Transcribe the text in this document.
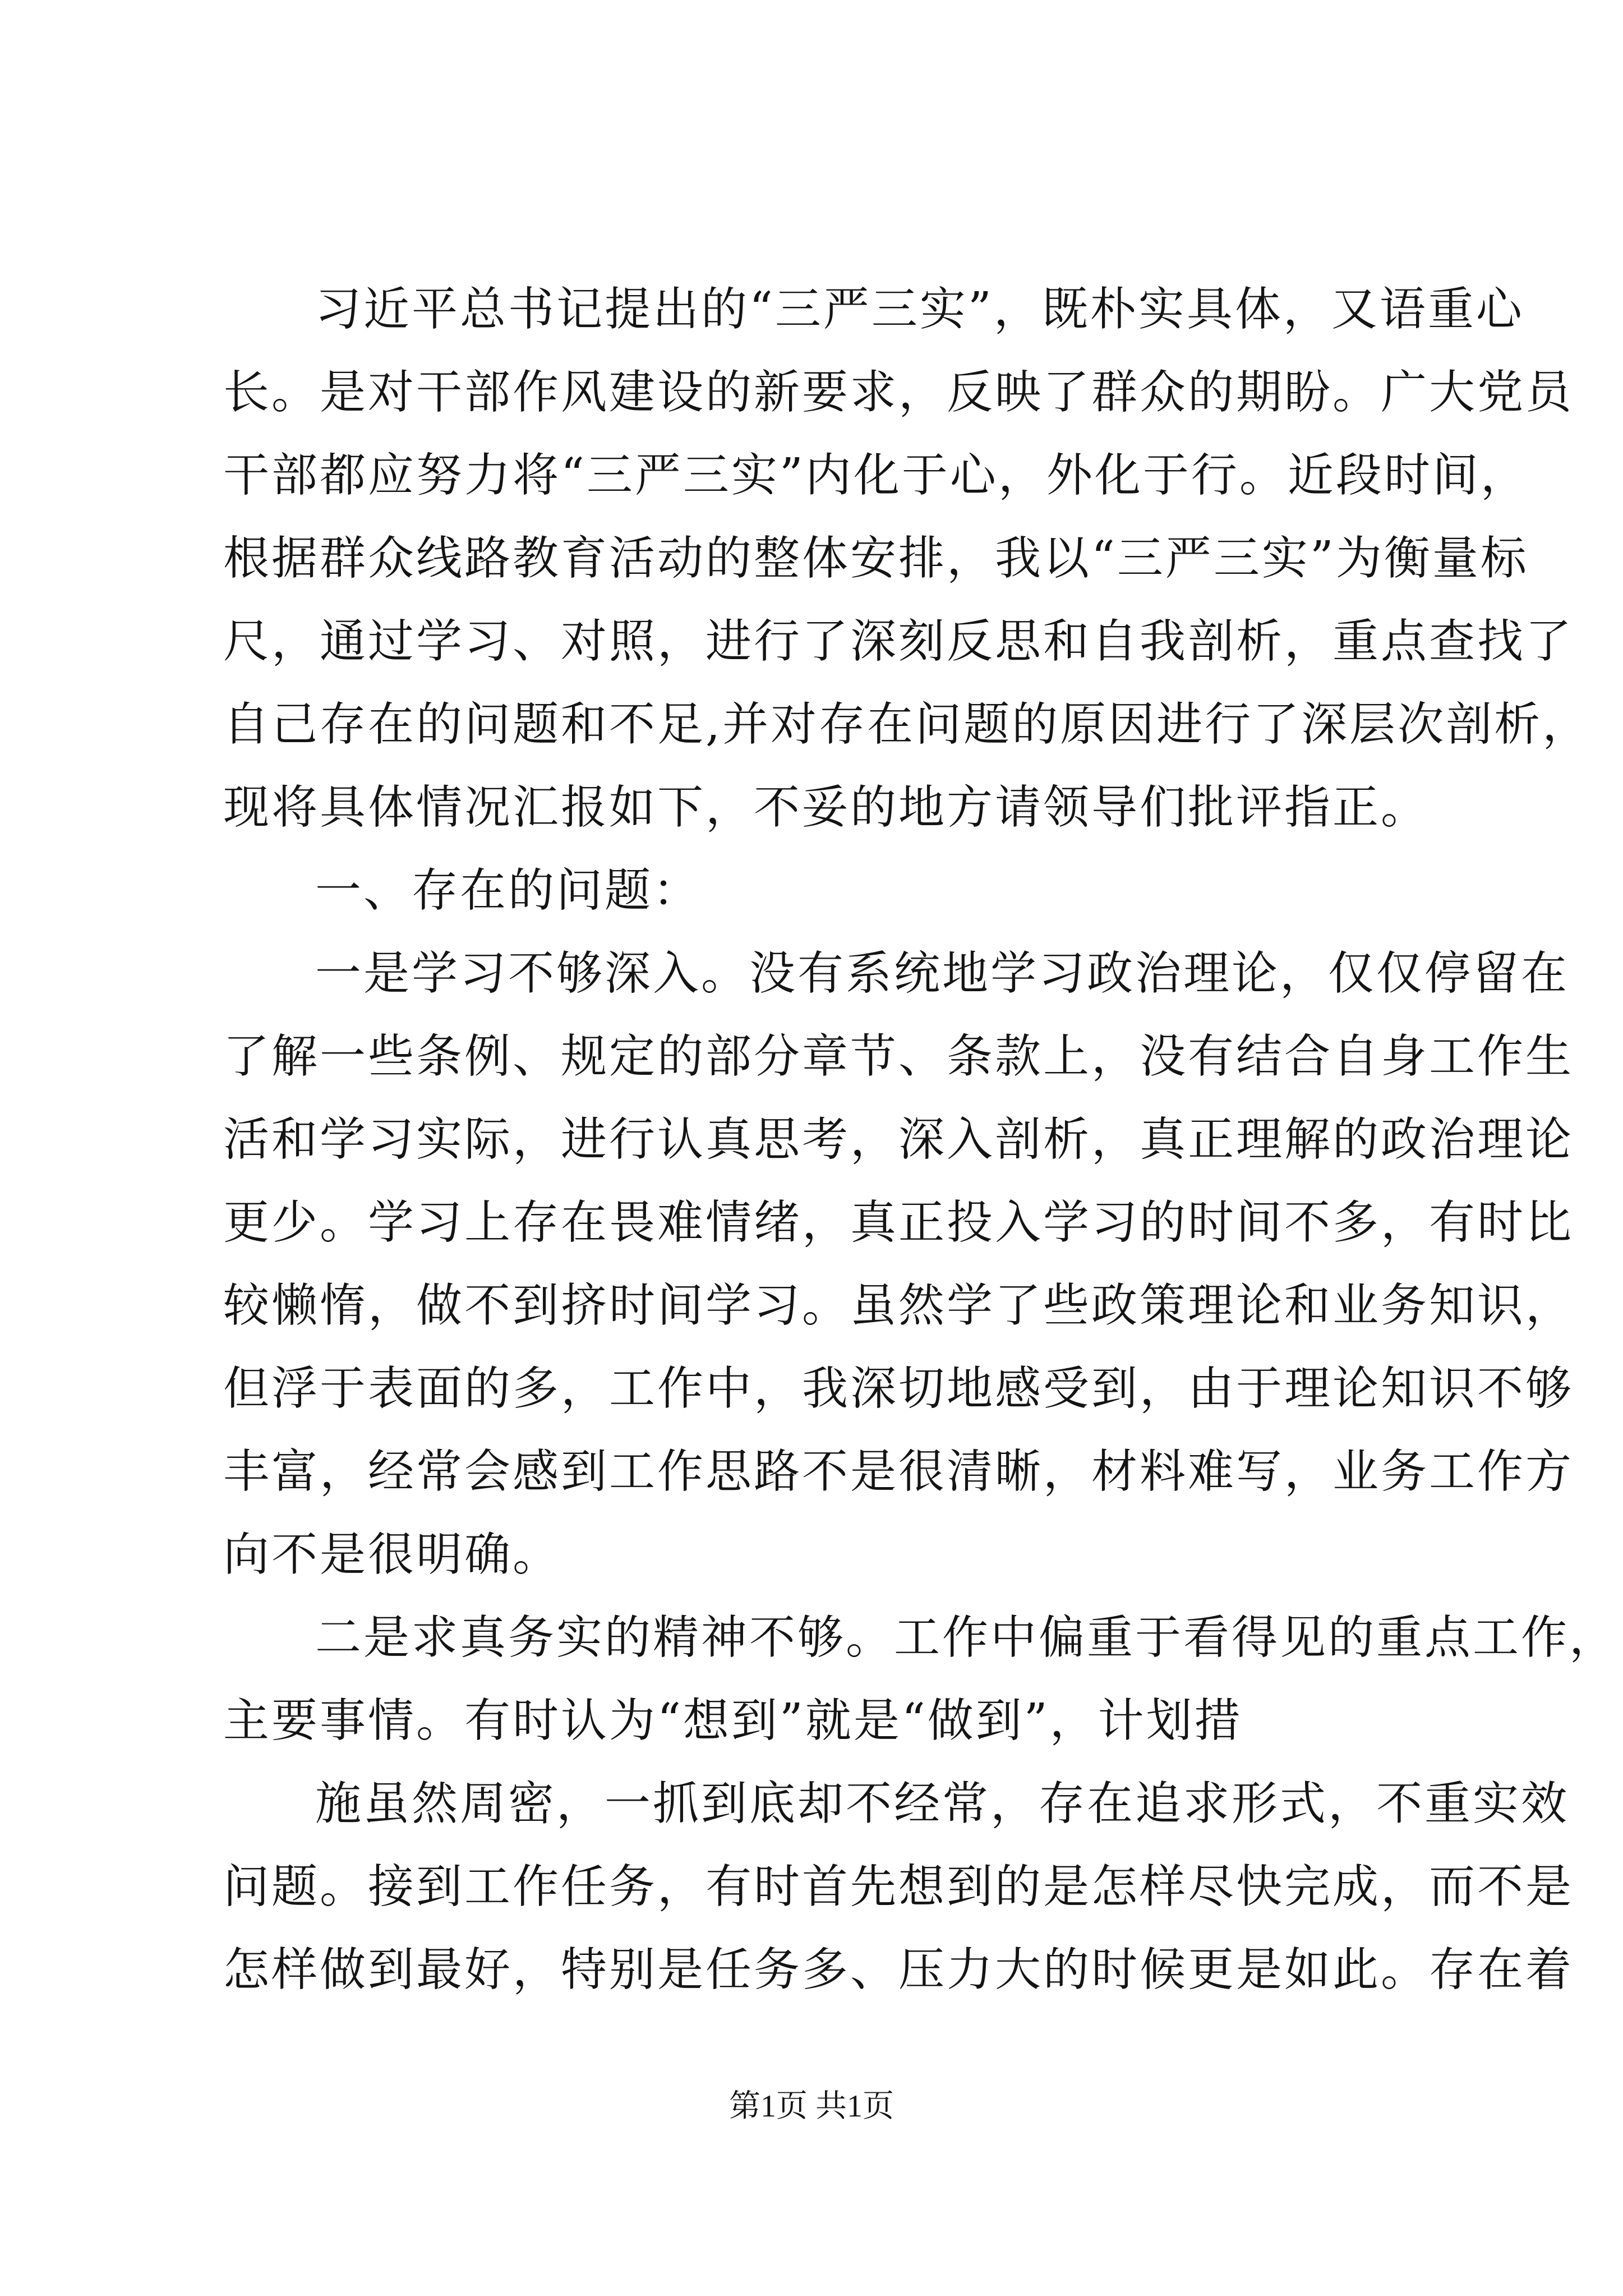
习近平总书记提出的“三严三实”，既朴实具体，又语重心
长。是对干部作风建设的新要求，反映了群众的期盼。广大党员
干部都应努力将“三严三实”内化于心，外化于行。近段时间，
根据群众线路教育活动的整体安排，我以“三严三实”为衡量标
尺，通过学习、对照，进行了深刻反思和自我剖析，重点查找了
自己存在的问题和不足,并对存在问题的原因进行了深层次剖析，
现将具体情况汇报如下，不妥的地方请领导们批评指正。
一、存在的问题：
一是学习不够深入。没有系统地学习政治理论，仅仅停留在
了解一些条例、规定的部分章节、条款上，没有结合自身工作生
活和学习实际，进行认真思考，深入剖析，真正理解的政治理论
更少。学习上存在畏难情绪，真正投入学习的时间不多，有时比
较懒惰，做不到挤时间学习。虽然学了些政策理论和业务知识，
但浮于表面的多，工作中，我深切地感受到，由于理论知识不够
丰富，经常会感到工作思路不是很清晰，材料难写，业务工作方
向不是很明确。
二是求真务实的精神不够。工作中偏重于看得见的重点工作，
主要事情。有时认为“想到”就是“做到”，计划措
施虽然周密，一抓到底却不经常，存在追求形式，不重实效
问题。接到工作任务，有时首先想到的是怎样尽快完成，而不是
怎样做到最好，特别是任务多、压力大的时候更是如此。存在着
第1页 共1页
